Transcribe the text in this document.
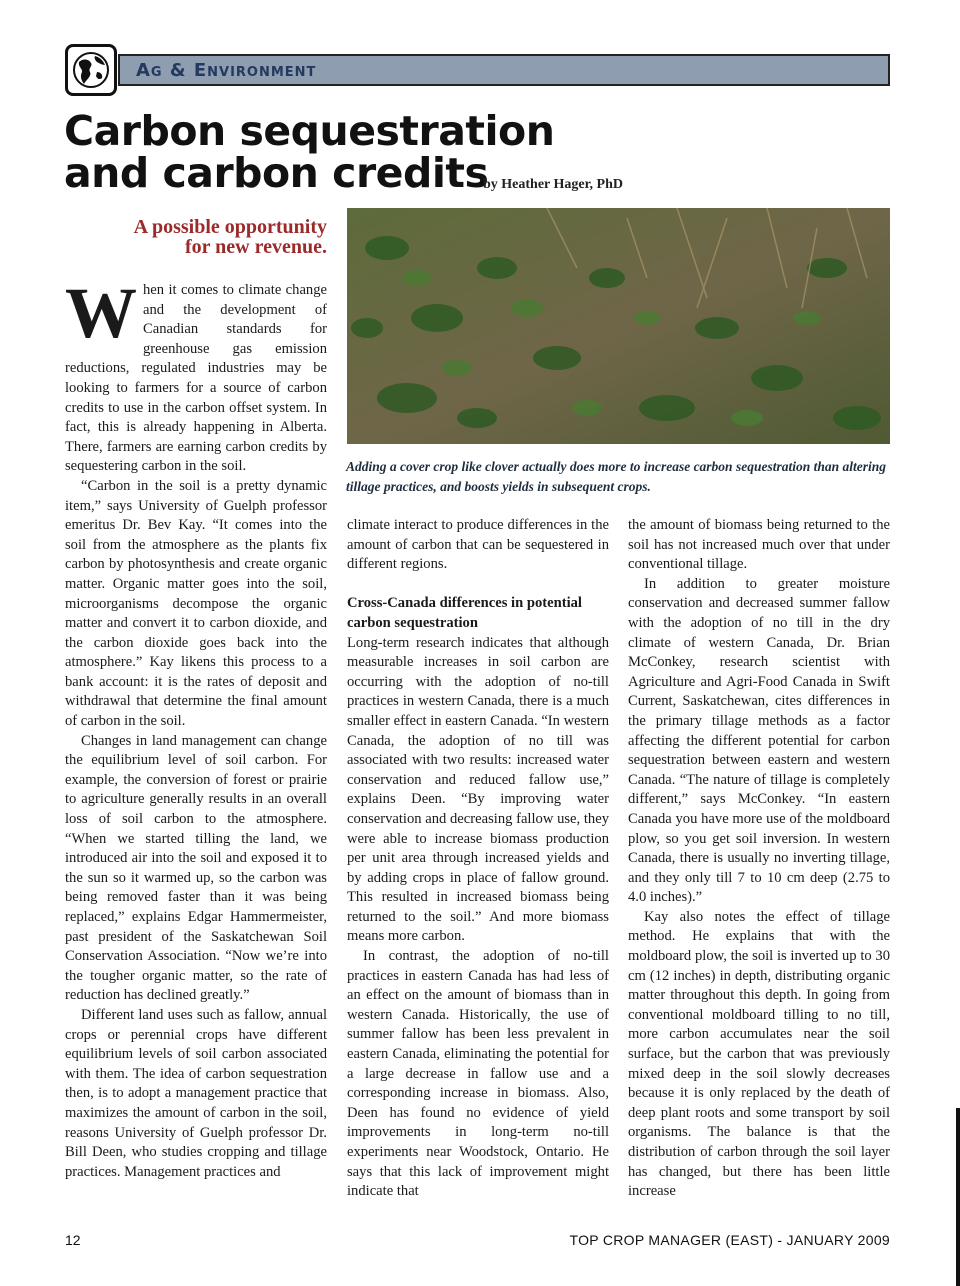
Ag & Environment
Carbon sequestration
and carbon credits
by Heather Hager, PhD
A possible opportunity
for new revenue.
Adding a cover crop like clover actually does more to increase carbon sequestration than altering tillage practices, and boosts yields in subsequent crops.

When it comes to climate change and the development of Canadian standards for greenhouse gas emission reductions, regulated industries may be looking to farmers for a source of carbon credits to use in the carbon offset system. In fact, this is already happening in Alberta. There, farmers are earning carbon credits by sequestering carbon in the soil.

“Carbon in the soil is a pretty dynamic item,” says University of Guelph professor emeritus Dr. Bev Kay. “It comes into the soil from the atmosphere as the plants fix carbon by photosynthesis and create organic matter. Organic matter goes into the soil, microorganisms decompose the organic matter and convert it to carbon dioxide, and the carbon dioxide goes back into the atmosphere.” Kay likens this process to a bank account: it is the rates of deposit and withdrawal that determine the final amount of carbon in the soil.

Changes in land management can change the equilibrium level of soil carbon. For example, the conversion of forest or prairie to agriculture generally results in an overall loss of soil carbon to the atmosphere. “When we started tilling the land, we introduced air into the soil and exposed it to the sun so it warmed up, so the carbon was being removed faster than it was being replaced,” explains Edgar Hammermeister, past president of the Saskatchewan Soil Conservation Association. “Now we’re into the tougher organic matter, so the rate of reduction has declined greatly.”

Different land uses such as fallow, annual crops or perennial crops have different equilibrium levels of soil carbon associated with them. The idea of carbon sequestration then, is to adopt a management practice that maximizes the amount of carbon in the soil, reasons University of Guelph professor Dr. Bill Deen, who studies cropping and tillage practices. Management practices and

climate interact to produce differences in the amount of carbon that can be sequestered in different regions.

Cross-Canada differences in potential carbon sequestration

Long-term research indicates that although measurable increases in soil carbon are occurring with the adoption of no-till practices in western Canada, there is a much smaller effect in eastern Canada. “In western Canada, the adoption of no till was associated with two results: increased water conservation and reduced fallow use,” explains Deen. “By improving water conservation and decreasing fallow use, they were able to increase biomass production per unit area through increased yields and by adding crops in place of fallow ground. This resulted in increased biomass being returned to the soil.” And more biomass means more carbon.

In contrast, the adoption of no-till practices in eastern Canada has had less of an effect on the amount of biomass than in western Canada. Historically, the use of summer fallow has been less prevalent in eastern Canada, eliminating the potential for a large decrease in fallow use and a corresponding increase in biomass. Also, Deen has found no evidence of yield improvements in long-term no-till experiments near Woodstock, Ontario. He says that this lack of improvement might indicate that

the amount of biomass being returned to the soil has not increased much over that under conventional tillage.

In addition to greater moisture conservation and decreased summer fallow with the adoption of no till in the dry climate of western Canada, Dr. Brian McConkey, research scientist with Agriculture and Agri-Food Canada in Swift Current, Saskatchewan, cites differences in the primary tillage methods as a factor affecting the different potential for carbon sequestration between eastern and western Canada. “The nature of tillage is completely different,” says McConkey. “In eastern Canada you have more use of the moldboard plow, so you get soil inversion. In western Canada, there is usually no inverting tillage, and they only till 7 to 10 cm deep (2.75 to 4.0 inches).”

Kay also notes the effect of tillage method. He explains that with the moldboard plow, the soil is inverted up to 30 cm (12 inches) in depth, distributing organic matter throughout this depth. In going from conventional moldboard tilling to no till, more carbon accumulates near the soil surface, but the carbon that was previously mixed deep in the soil slowly decreases because it is only replaced by the death of deep plant roots and some transport by soil organisms. The balance is that the distribution of carbon through the soil layer has changed, but there has been little increase

12	TOP CROP MANAGER (EAST) - JANUARY 2009
